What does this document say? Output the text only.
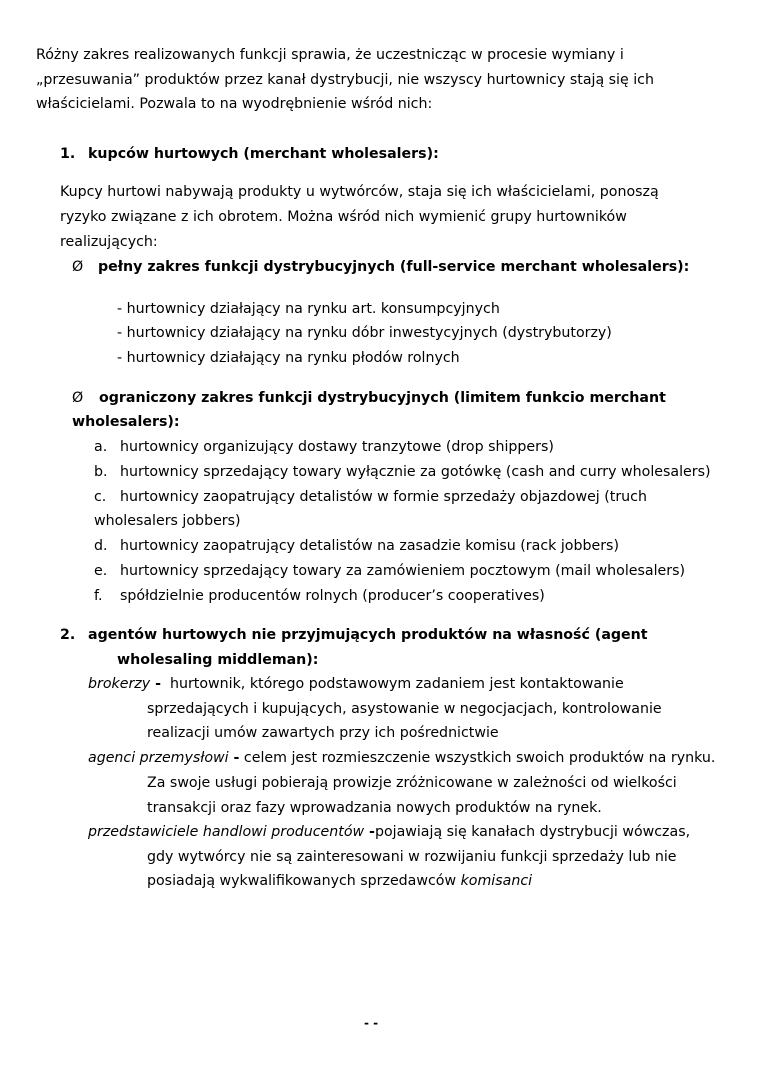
Różny zakres realizowanych funkcji sprawia, że uczestnicząc w procesie wymiany i
„przesuwania” produktów przez kanał dystrybucji, nie wszyscy hurtownicy stają się ich
właścicielami. Pozwala to na wyodrębnienie wśród nich:
1. kupców hurtowych (merchant wholesalers):
Kupcy hurtowi nabywają produkty u wytwórców, staja się ich właścicielami, ponoszą
ryzyko związane z ich obrotem. Można wśród nich wymienić grupy hurtowników
realizujących:
Ø pełny zakres funkcji dystrybucyjnych (full-service merchant wholesalers):
- hurtownicy działający na rynku art. konsumpcyjnych
- hurtownicy działający na rynku dóbr inwestycyjnych (dystrybutorzy)
- hurtownicy działający na rynku płodów rolnych
Ø ograniczony zakres funkcji dystrybucyjnych (limitem funkcio merchant
wholesalers):
a. hurtownicy organizujący dostawy tranzytowe (drop shippers)
b. hurtownicy sprzedający towary wyłącznie za gotówkę (cash and curry wholesalers)
c. hurtownicy zaopatrujący detalistów w formie sprzedaży objazdowej (truch
wholesalers jobbers)
d. hurtownicy zaopatrujący detalistów na zasadzie komisu (rack jobbers)
e. hurtownicy sprzedający towary za zamówieniem pocztowym (mail wholesalers)
f. spółdzielnie producentów rolnych (producer’s cooperatives)
2. agentów hurtowych nie przyjmujących produktów na własność (agent
wholesaling middleman):
brokerzy -  hurtownik, którego podstawowym zadaniem jest kontaktowanie
sprzedających i kupujących, asystowanie w negocjacjach, kontrolowanie
realizacji umów zawartych przy ich pośrednictwie
agenci przemysłowi - celem jest rozmieszczenie wszystkich swoich produktów na rynku.
Za swoje usługi pobierają prowizje zróżnicowane w zależności od wielkości
transakcji oraz fazy wprowadzania nowych produktów na rynek.
przedstawiciele handlowi producentów -pojawiają się kanałach dystrybucji wówczas,
gdy wytwórcy nie są zainteresowani w rozwijaniu funkcji sprzedaży lub nie
posiadają wykwalifikowanych sprzedawców komisanci
- -
